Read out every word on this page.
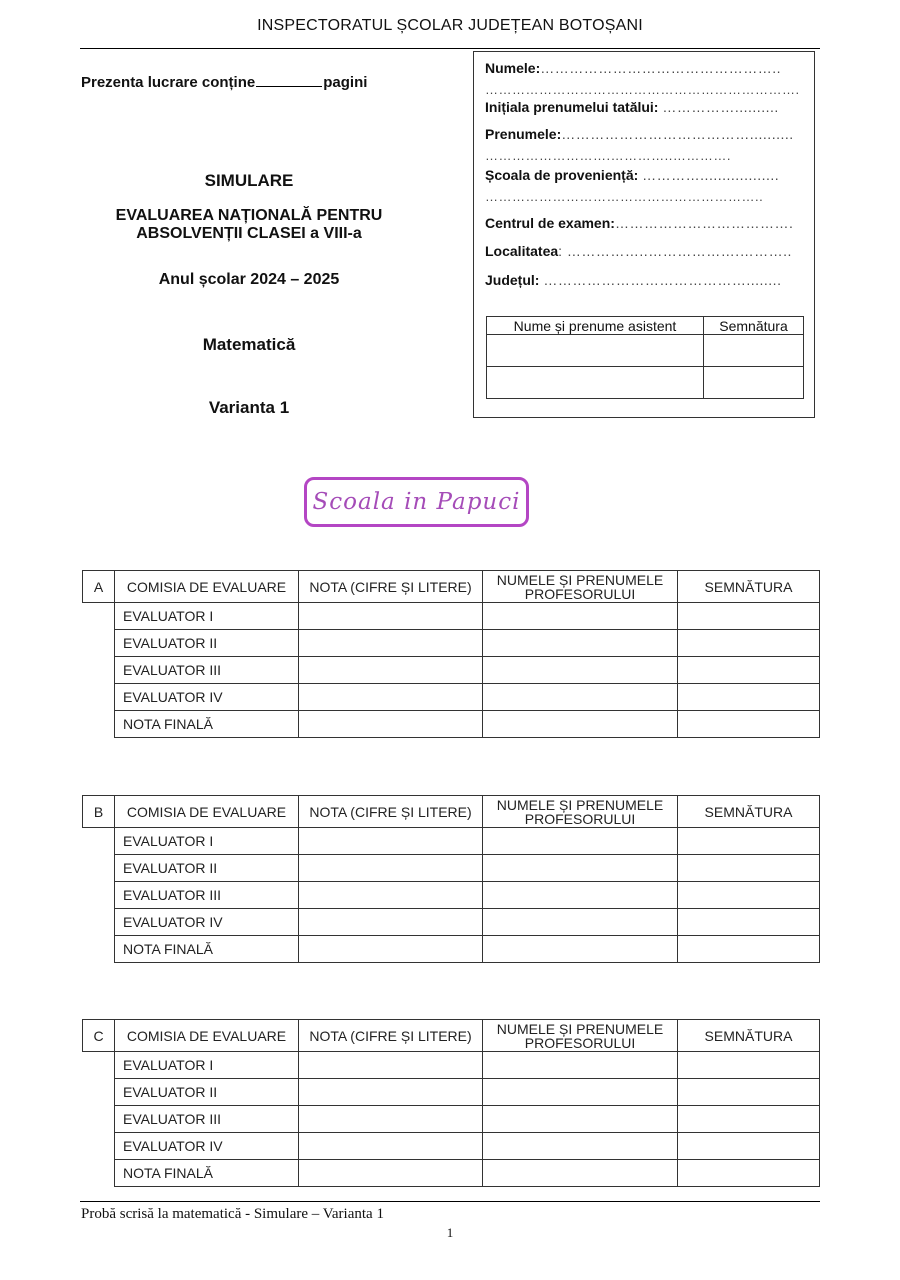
INSPECTORATUL ȘCOLAR JUDEȚEAN BOTOȘANI
Prezenta lucrare conține	pagini
SIMULARE
EVALUAREA NAȚIONALĂ PENTRU
ABSOLVENȚII CLASEI a VIII-a
Anul școlar 2024 – 2025
Matematică
Varianta 1
Numele:…………………………………………..
…………………………………………………………….
Inițiala prenumelui tatălui: ……………..........
Prenumele:…………………………………..........
……………………….…………..………….
Școala de proveniență: …………..................
……………………………………………………..
Centrul de examen:……………………………….
Localitatea: ……………..……………….………..
Județul: ……………………………………........
Nume și prenume asistent	Semnătura

Scoala in Papuci
A	COMISIA DE EVALUARE	NOTA (CIFRE ȘI LITERE)	NUMELE ȘI PRENUMELE PROFESORULUI	SEMNĂTURA
	EVALUATOR I			
	EVALUATOR II			
	EVALUATOR III			
	EVALUATOR IV			
	NOTA FINALĂ			
B	COMISIA DE EVALUARE	NOTA (CIFRE ȘI LITERE)	NUMELE ȘI PRENUMELE PROFESORULUI	SEMNĂTURA
	EVALUATOR I			
	EVALUATOR II			
	EVALUATOR III			
	EVALUATOR IV			
	NOTA FINALĂ			
C	COMISIA DE EVALUARE	NOTA (CIFRE ȘI LITERE)	NUMELE ȘI PRENUMELE PROFESORULUI	SEMNĂTURA
	EVALUATOR I			
	EVALUATOR II			
	EVALUATOR III			
	EVALUATOR IV			
	NOTA FINALĂ			
Probă scrisă la matematică - Simulare – Varianta 1
1
